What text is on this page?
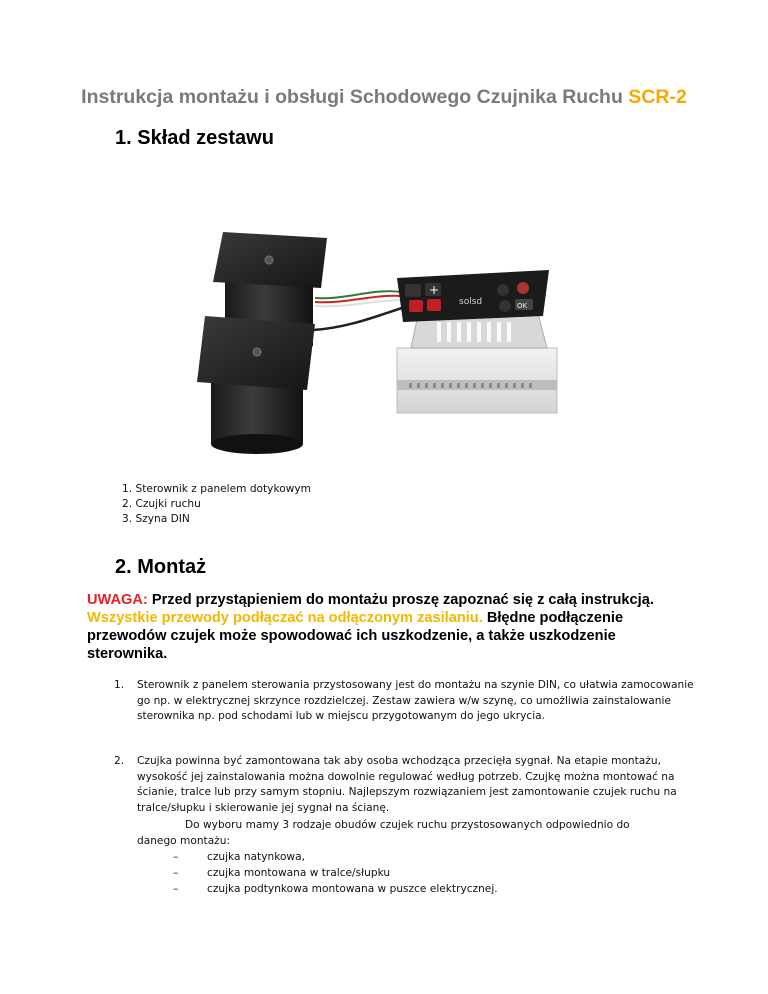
Instrukcja montażu i obsługi Schodowego Czujnika Ruchu SCR-2
1. Skład zestawu
+
solsd	OK
1. Sterownik z panelem dotykowym
2. Czujki ruchu
3. Szyna DIN
2. Montaż
UWAGA: Przed przystąpieniem do montażu proszę zapoznać się z całą instrukcją. Wszystkie przewody podłączać na odłączonym zasilaniu. Błędne podłączenie przewodów czujek może spowodować ich uszkodzenie, a także uszkodzenie sterownika.
1. Sterownik z panelem sterowania przystosowany jest do montażu na szynie DIN, co ułatwia zamocowanie go np. w elektrycznej skrzynce rozdzielczej. Zestaw zawiera w/w szynę, co umożliwia zainstalowanie sterownika np. pod schodami lub w miejscu przygotowanym do jego ukrycia.
2. Czujka powinna być zamontowana tak aby osoba wchodząca przecięła sygnał. Na etapie montażu, wysokość jej zainstalowania można dowolnie regulować według potrzeb. Czujkę można montować na ścianie, tralce lub przy samym stopniu. Najlepszym rozwiązaniem jest zamontowanie czujek ruchu na tralce/słupku i skierowanie jej sygnał na ścianę.
Do wyboru mamy 3 rodzaje obudów czujek ruchu przystosowanych odpowiednio do
danego montażu:
– czujka natynkowa,
– czujka montowana w tralce/słupku
– czujka podtynkowa montowana w puszce elektrycznej.
